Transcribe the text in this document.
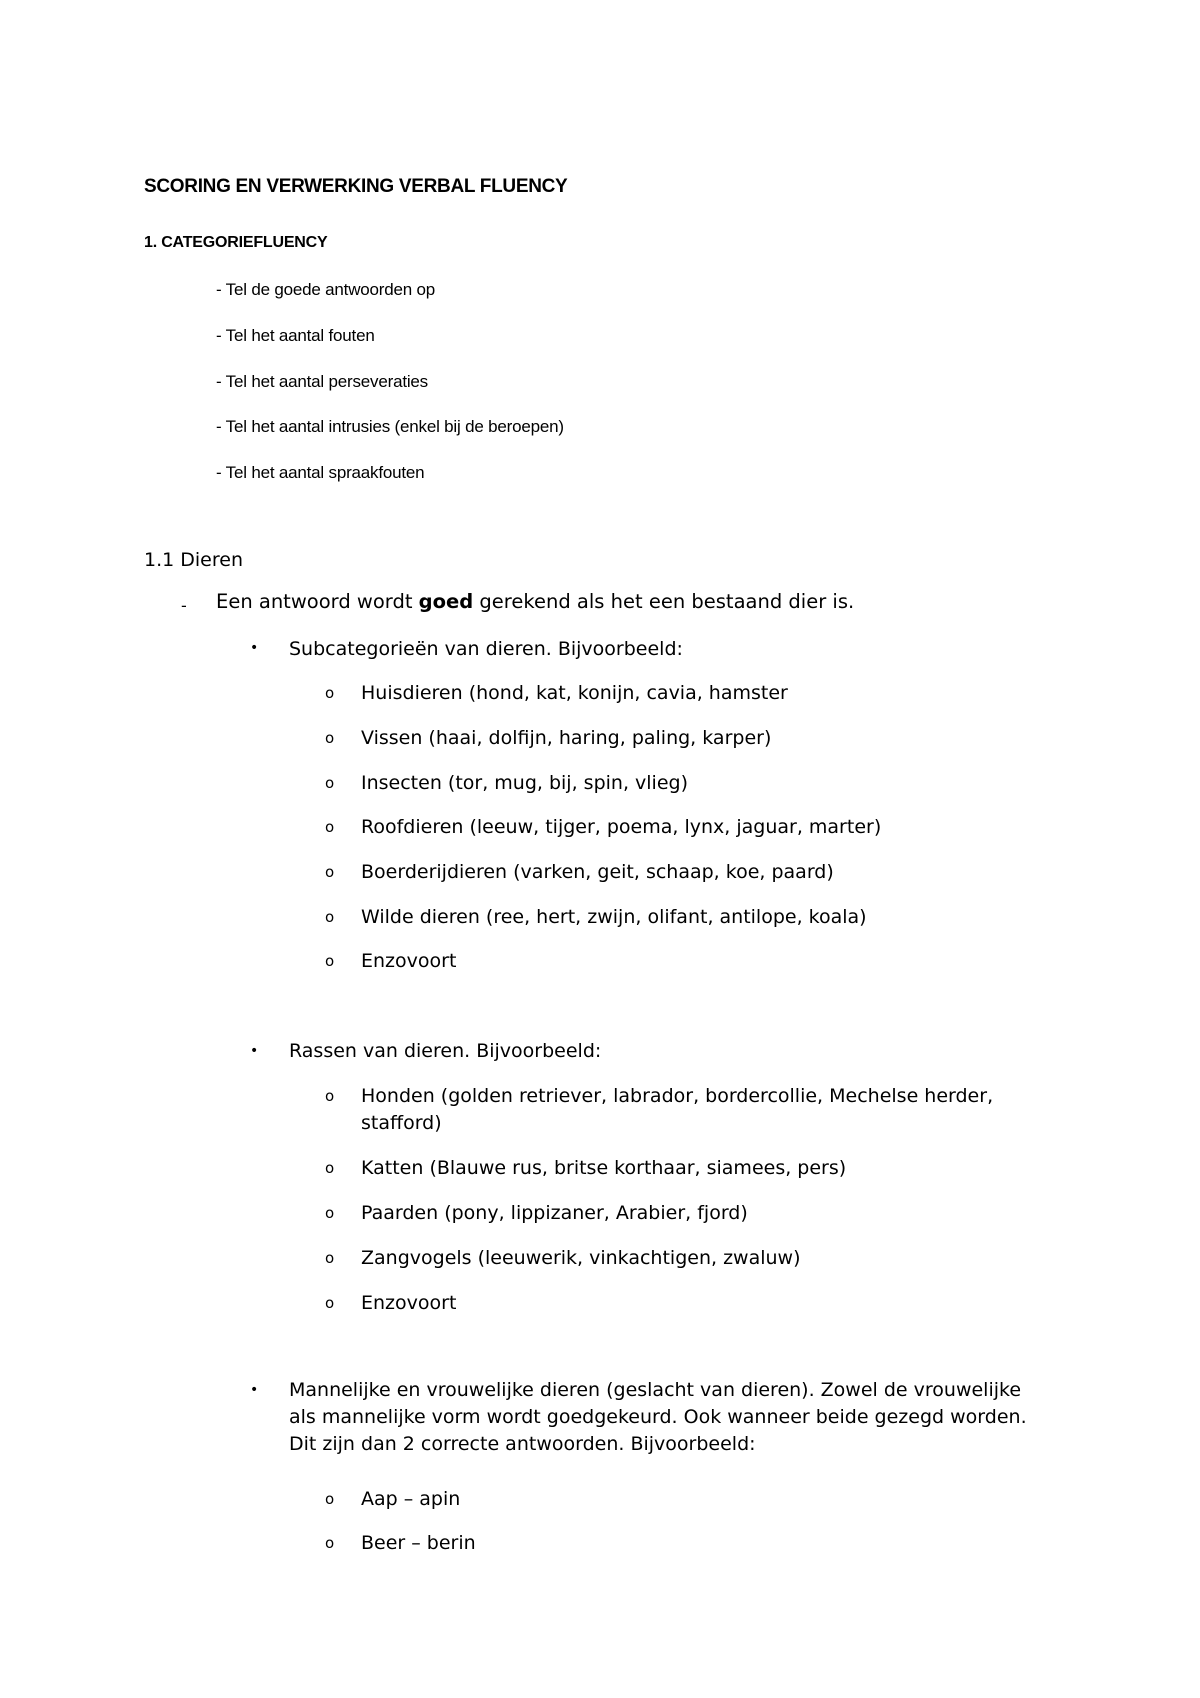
SCORING EN VERWERKING VERBAL FLUENCY
1. CATEGORIEFLUENCY
- Tel de goede antwoorden op
- Tel het aantal fouten
- Tel het aantal perseveraties
- Tel het aantal intrusies (enkel bij de beroepen)
- Tel het aantal spraakfouten
1.1 Dieren
- Een antwoord wordt goed gerekend als het een bestaand dier is.
• Subcategorieën van dieren. Bijvoorbeeld:
o Huisdieren (hond, kat, konijn, cavia, hamster
o Vissen (haai, dolfijn, haring, paling, karper)
o Insecten (tor, mug, bij, spin, vlieg)
o Roofdieren (leeuw, tijger, poema, lynx, jaguar, marter)
o Boerderijdieren (varken, geit, schaap, koe, paard)
o Wilde dieren (ree, hert, zwijn, olifant, antilope, koala)
o Enzovoort
• Rassen van dieren. Bijvoorbeeld:
o Honden (golden retriever, labrador, bordercollie, Mechelse herder, stafford)
o Katten (Blauwe rus, britse korthaar, siamees, pers)
o Paarden (pony, lippizaner, Arabier, fjord)
o Zangvogels (leeuwerik, vinkachtigen, zwaluw)
o Enzovoort
• Mannelijke en vrouwelijke dieren (geslacht van dieren). Zowel de vrouwelijke als mannelijke vorm wordt goedgekeurd. Ook wanneer beide gezegd worden. Dit zijn dan 2 correcte antwoorden. Bijvoorbeeld:
o Aap – apin
o Beer – berin
